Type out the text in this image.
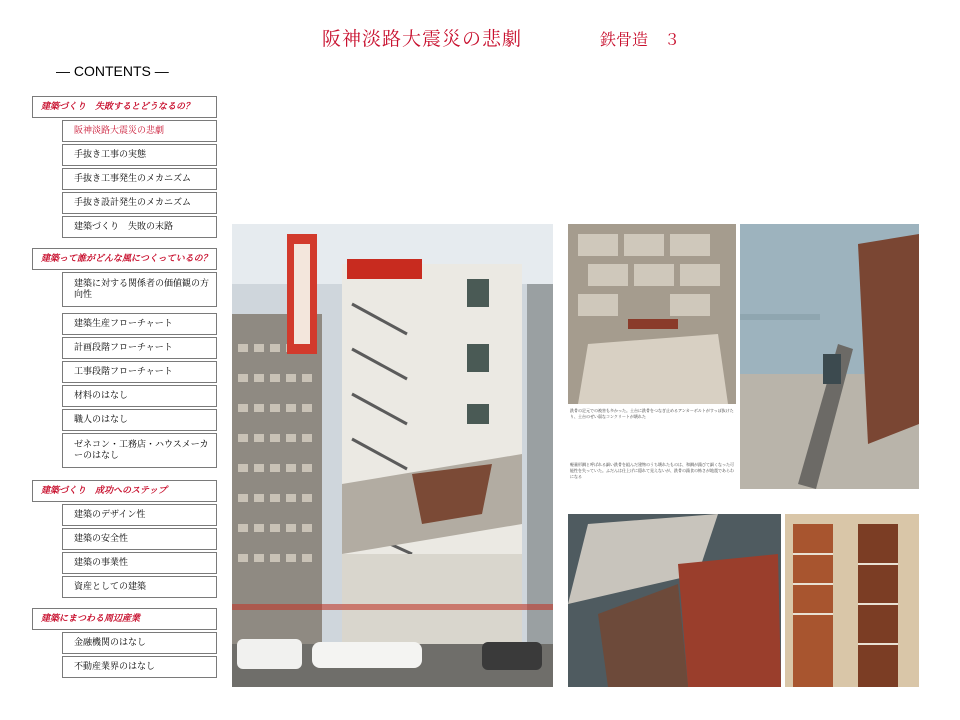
阪神淡路大震災の悲劇	鉄骨造　３
― CONTENTS ―
建築づくり　失敗するとどうなるの？
阪神淡路大震災の悲劇
手抜き工事の実態
手抜き工事発生のメカニズム
手抜き設計発生のメカニズム
建築づくり　失敗の末路
建築って誰がどんな風につくっているの？
建築に対する関係者の価値観の方向性
建築生産フローチャート
計画段階フローチャート
工事段階フローチャート
材料のはなし
職人のはなし
ゼネコン・工務店・ハウスメーカーのはなし
建築づくり　成功へのステップ
建築のデザイン性
建築の安全性
建築の事業性
資産としての建築
建築にまつわる周辺産業
金融機関のはなし
不動産業界のはなし
鉄骨の足元での被害も多かった。土台に鉄骨をつなぎ止めるアンカーボルトがすっぽ抜けたり、土台のぜい弱なコンクリートが壊れた
軽量形鋼と呼ばれる細い鉄骨を組んだ建物のうち壊れたものは、和鋼が錆びて細くなった可能性を失っていた。ふだんは仕上げに隠れて見えないが、鉄骨の錆食の怖さが地震であらわになる
